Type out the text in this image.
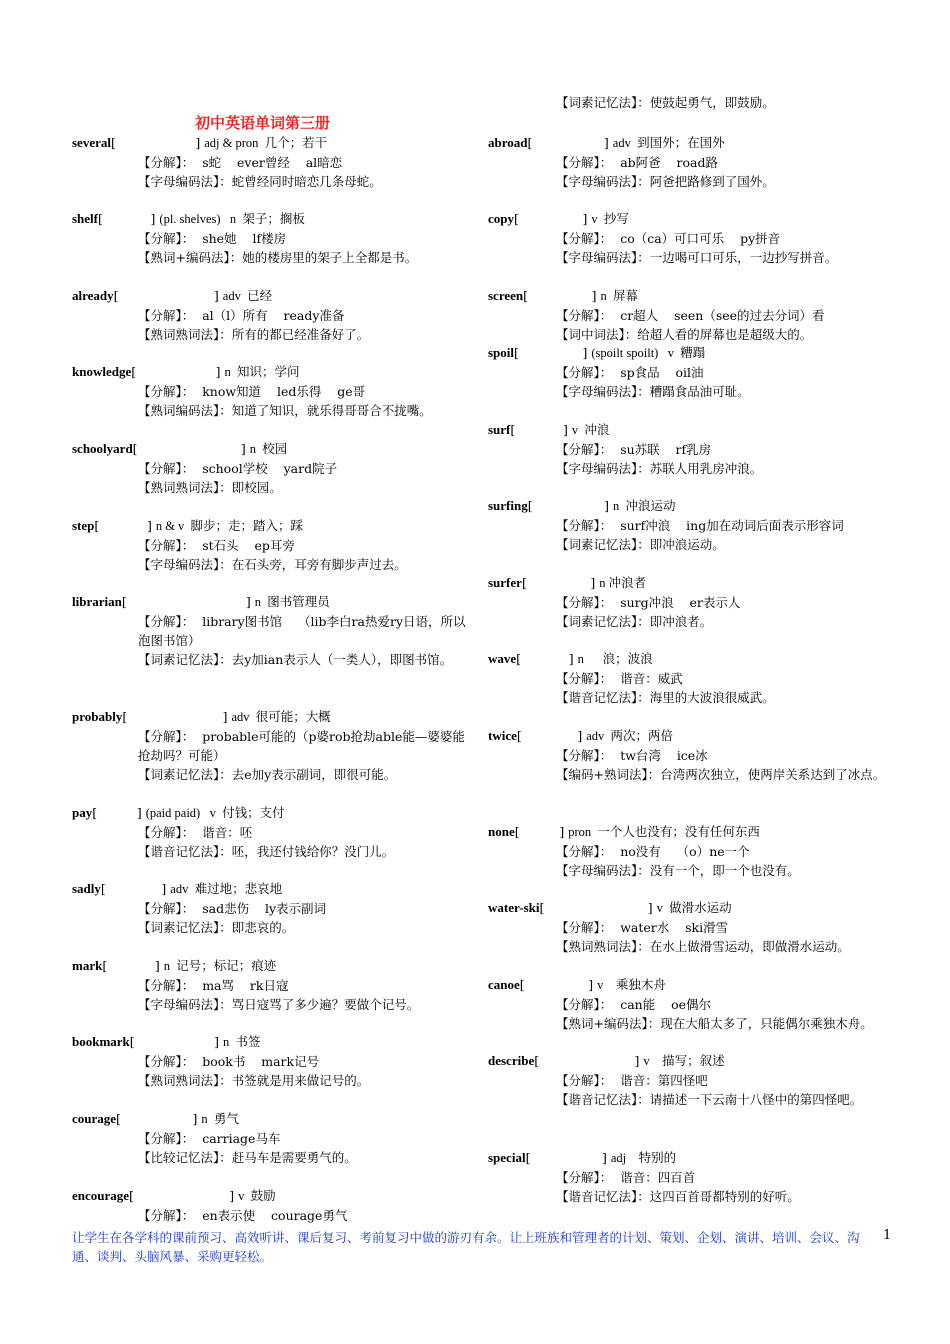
初中英语单词第三册
【词素记忆法】：使鼓起勇气，即鼓励。
several[                    ] adj & pron  几个；若干
【分解】：  s蛇    ever曾经    al暗恋
【字母编码法】：蛇曾经同时暗恋几条母蛇。
shelf[            ] (pl. shelves)   n  架子；搁板
【分解】：  she她    lf楼房
【熟词+编码法】：她的楼房里的架子上全都是书。
already[                        ] adv  已经
【分解】：  al（l）所有    ready准备
【熟词熟词法】：所有的都已经准备好了。
knowledge[                    ] n  知识；学问
【分解】：  know知道    led乐得    ge哥
【熟词编码法】：知道了知识，就乐得哥哥合不拢嘴。
schoolyard[                          ] n  校园
【分解】：  school学校    yard院子
【熟词熟词法】：即校园。
step[            ] n & v  脚步；走；踏入；踩
【分解】：  st石头    ep耳旁
【字母编码法】：在石头旁，耳旁有脚步声过去。
librarian[                              ] n  图书管理员
【分解】：  library图书馆    （lib李白ra热爱ry日语，所以泡图书馆）
【词素记忆法】：去y加ian表示人（一类人），即图书馆。
probably[                        ] adv  很可能；大概
【分解】：  probable可能的（p婆rob抢劫able能—婆婆能抢劫吗？可能）
【词素记忆法】：去e加y表示副词，即很可能。
pay[          ] (paid paid)   v  付钱；支付
【分解】：  谐音：呸
【谐音记忆法】：呸，我还付钱给你？没门儿。
sadly[              ] adv  难过地；悲哀地
【分解】：  sad悲伤    ly表示副词
【词素记忆法】：即悲哀的。
mark[            ] n  记号；标记；痕迹
【分解】：  ma骂    rk日寇
【字母编码法】：骂日寇骂了多少遍？要做个记号。
bookmark[                    ] n  书签
【分解】：  book书    mark记号
【熟词熟词法】：书签就是用来做记号的。
courage[                  ] n  勇气
【分解】：  carriage马车
【比较记忆法】：赶马车是需要勇气的。
encourage[                        ] v  鼓励
【分解】：  en表示使    courage勇气
abroad[                  ] adv  到国外；在国外
【分解】：  ab阿爸    road路
【字母编码法】：阿爸把路修到了国外。
copy[                ] v  抄写
【分解】：  co（ca）可口可乐    py拼音
【字母编码法】：一边喝可口可乐，一边抄写拼音。
screen[                ] n  屏幕
【分解】：  cr超人    seen（see的过去分词）看
【词中词法】：给超人看的屏幕也是超级大的。
spoil[                ] (spoilt spoilt)   v  糟蹋
【分解】：  sp食品    oil油
【字母编码法】：糟蹋食品油可耻。
surf[            ] v  冲浪
【分解】：  su苏联    rf乳房
【字母编码法】：苏联人用乳房冲浪。
surfing[                  ] n  冲浪运动
【分解】：  surf冲浪    ing加在动词后面表示形容词
【词素记忆法】：即冲浪运动。
surfer[                ] n 冲浪者
【分解】：  surg冲浪    er表示人
【词素记忆法】：即冲浪者。
wave[            ] n      浪；波浪
【分解】：  谐音：威武
【谐音记忆法】：海里的大波浪很威武。
twice[              ] adv  两次；两倍
【分解】：  tw台湾    ice冰
【编码+熟词法】：台湾两次独立，使两岸关系达到了冰点。
none[          ] pron  一个人也没有；没有任何东西
【分解】：  no没有    （o）ne一个
【字母编码法】：没有一个，即一个也没有。
water-ski[                          ] v  做滑水运动
【分解】：  water水    ski滑雪
【熟词熟词法】：在水上做滑雪运动，即做滑水运动。
canoe[                ] v    乘独木舟
【分解】：  can能    oe偶尔
【熟词+编码法】：现在大船太多了，只能偶尔乘独木舟。
describe[                        ] v    描写；叙述
【分解】：  谐音：第四怪吧
【谐音记忆法】：请描述一下云南十八怪中的第四怪吧。
special[                  ] adj    特别的
【分解】：  谐音：四百首
【谐音记忆法】：这四百首哥都特别的好听。
让学生在各学科的课前预习、高效听讲、课后复习、考前复习中做的游刃有余。让上班族和管理者的计划、策划、企划、演讲、培训、会议、沟通、谈判、头脑风暴、采购更轻松。
1
